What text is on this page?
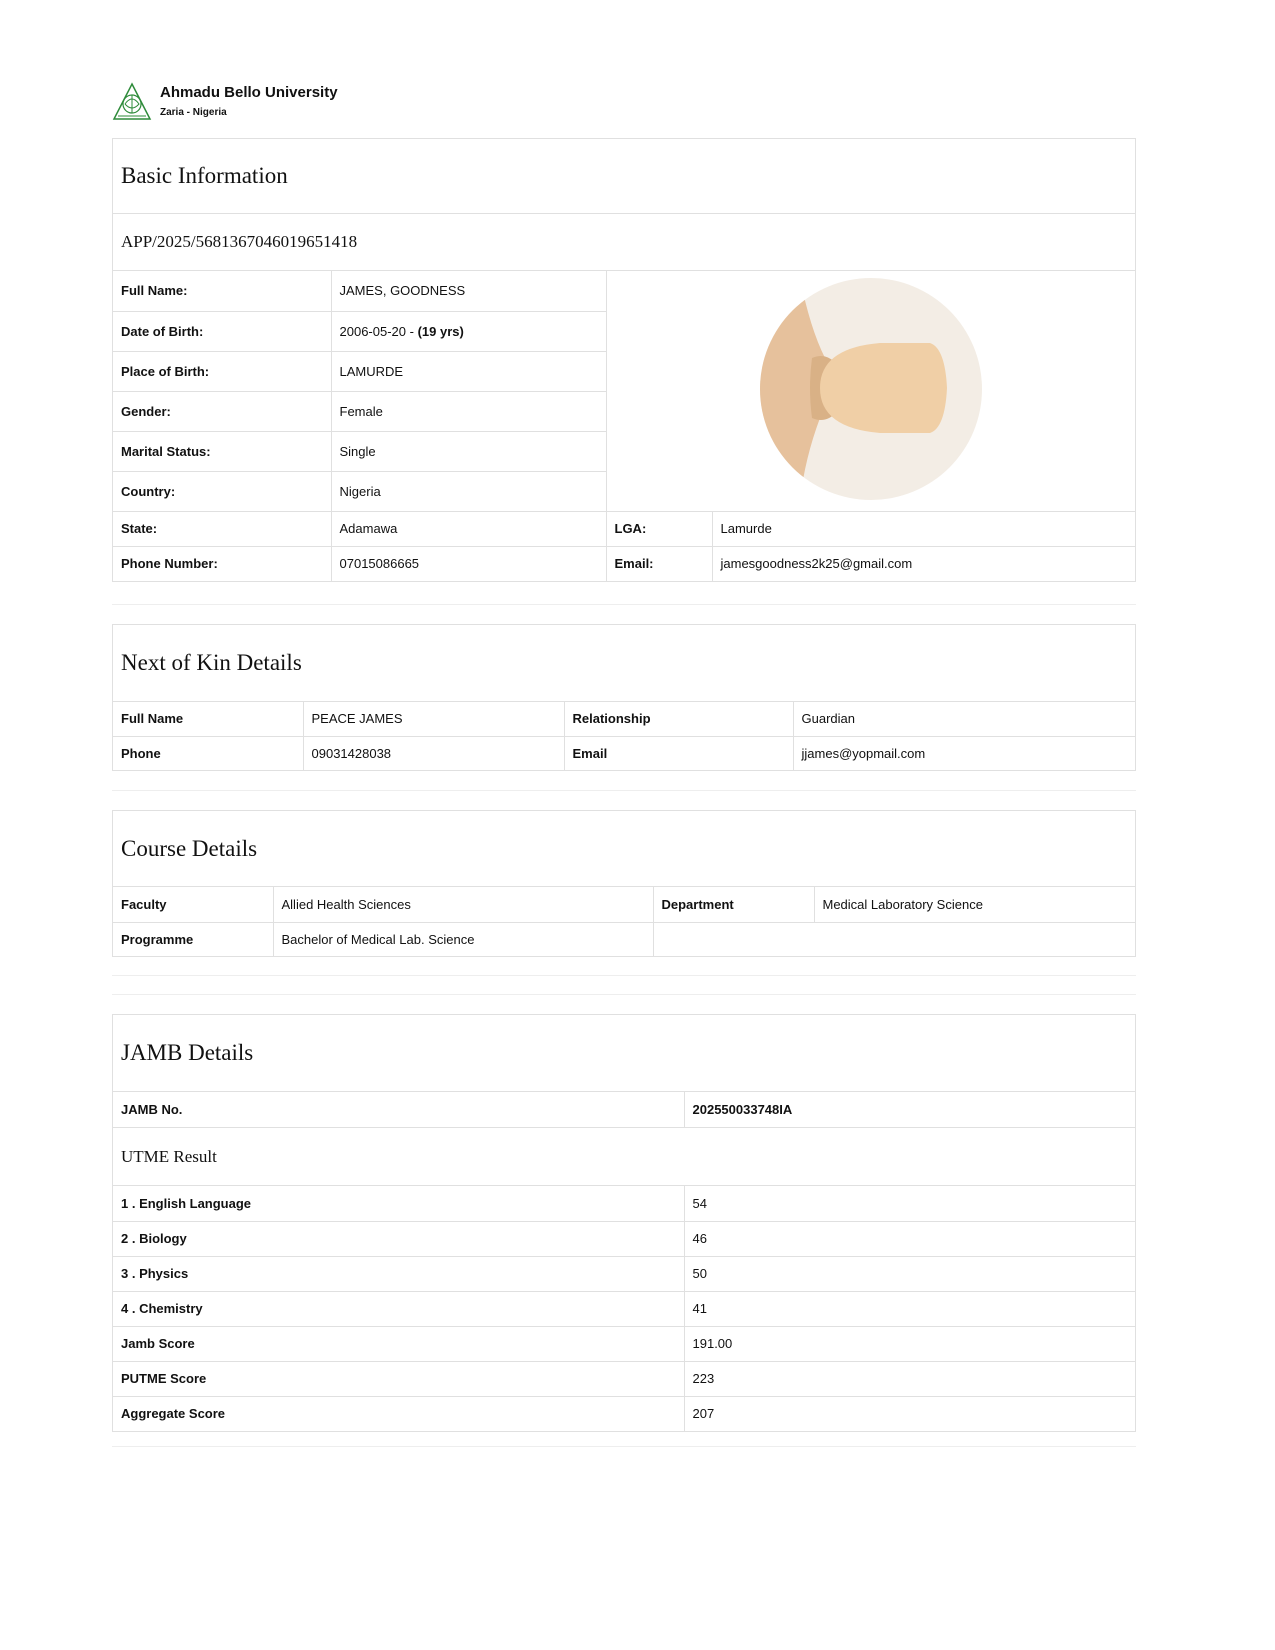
Ahmadu Bello University
Zaria - Nigeria
Basic Information
APP/2025/5681367046019651418
Full Name:	JAMES, GOODNESS	
Date of Birth:	2006-05-20 - (19 yrs)		
Place of Birth:	LAMURDE		
Gender:	Female		
Marital Status:	Single		
Country:	Nigeria		
State:	Adamawa	LGA:	Lamurde
Phone Number:	07015086665	Email:	jamesgoodness2k25@gmail.com
Next of Kin Details
Full Name	PEACE JAMES	Relationship	Guardian
Phone	09031428038	Email	jjames@yopmail.com
Course Details
Faculty	Allied Health Sciences	Department	Medical Laboratory Science
Programme	Bachelor of Medical Lab. Science		
JAMB Details
JAMB No.	202550033748IA
UTME Result
1 . English Language	54
2 . Biology	46
3 . Physics	50
4 . Chemistry	41
Jamb Score	191.00
PUTME Score	223
Aggregate Score	207
